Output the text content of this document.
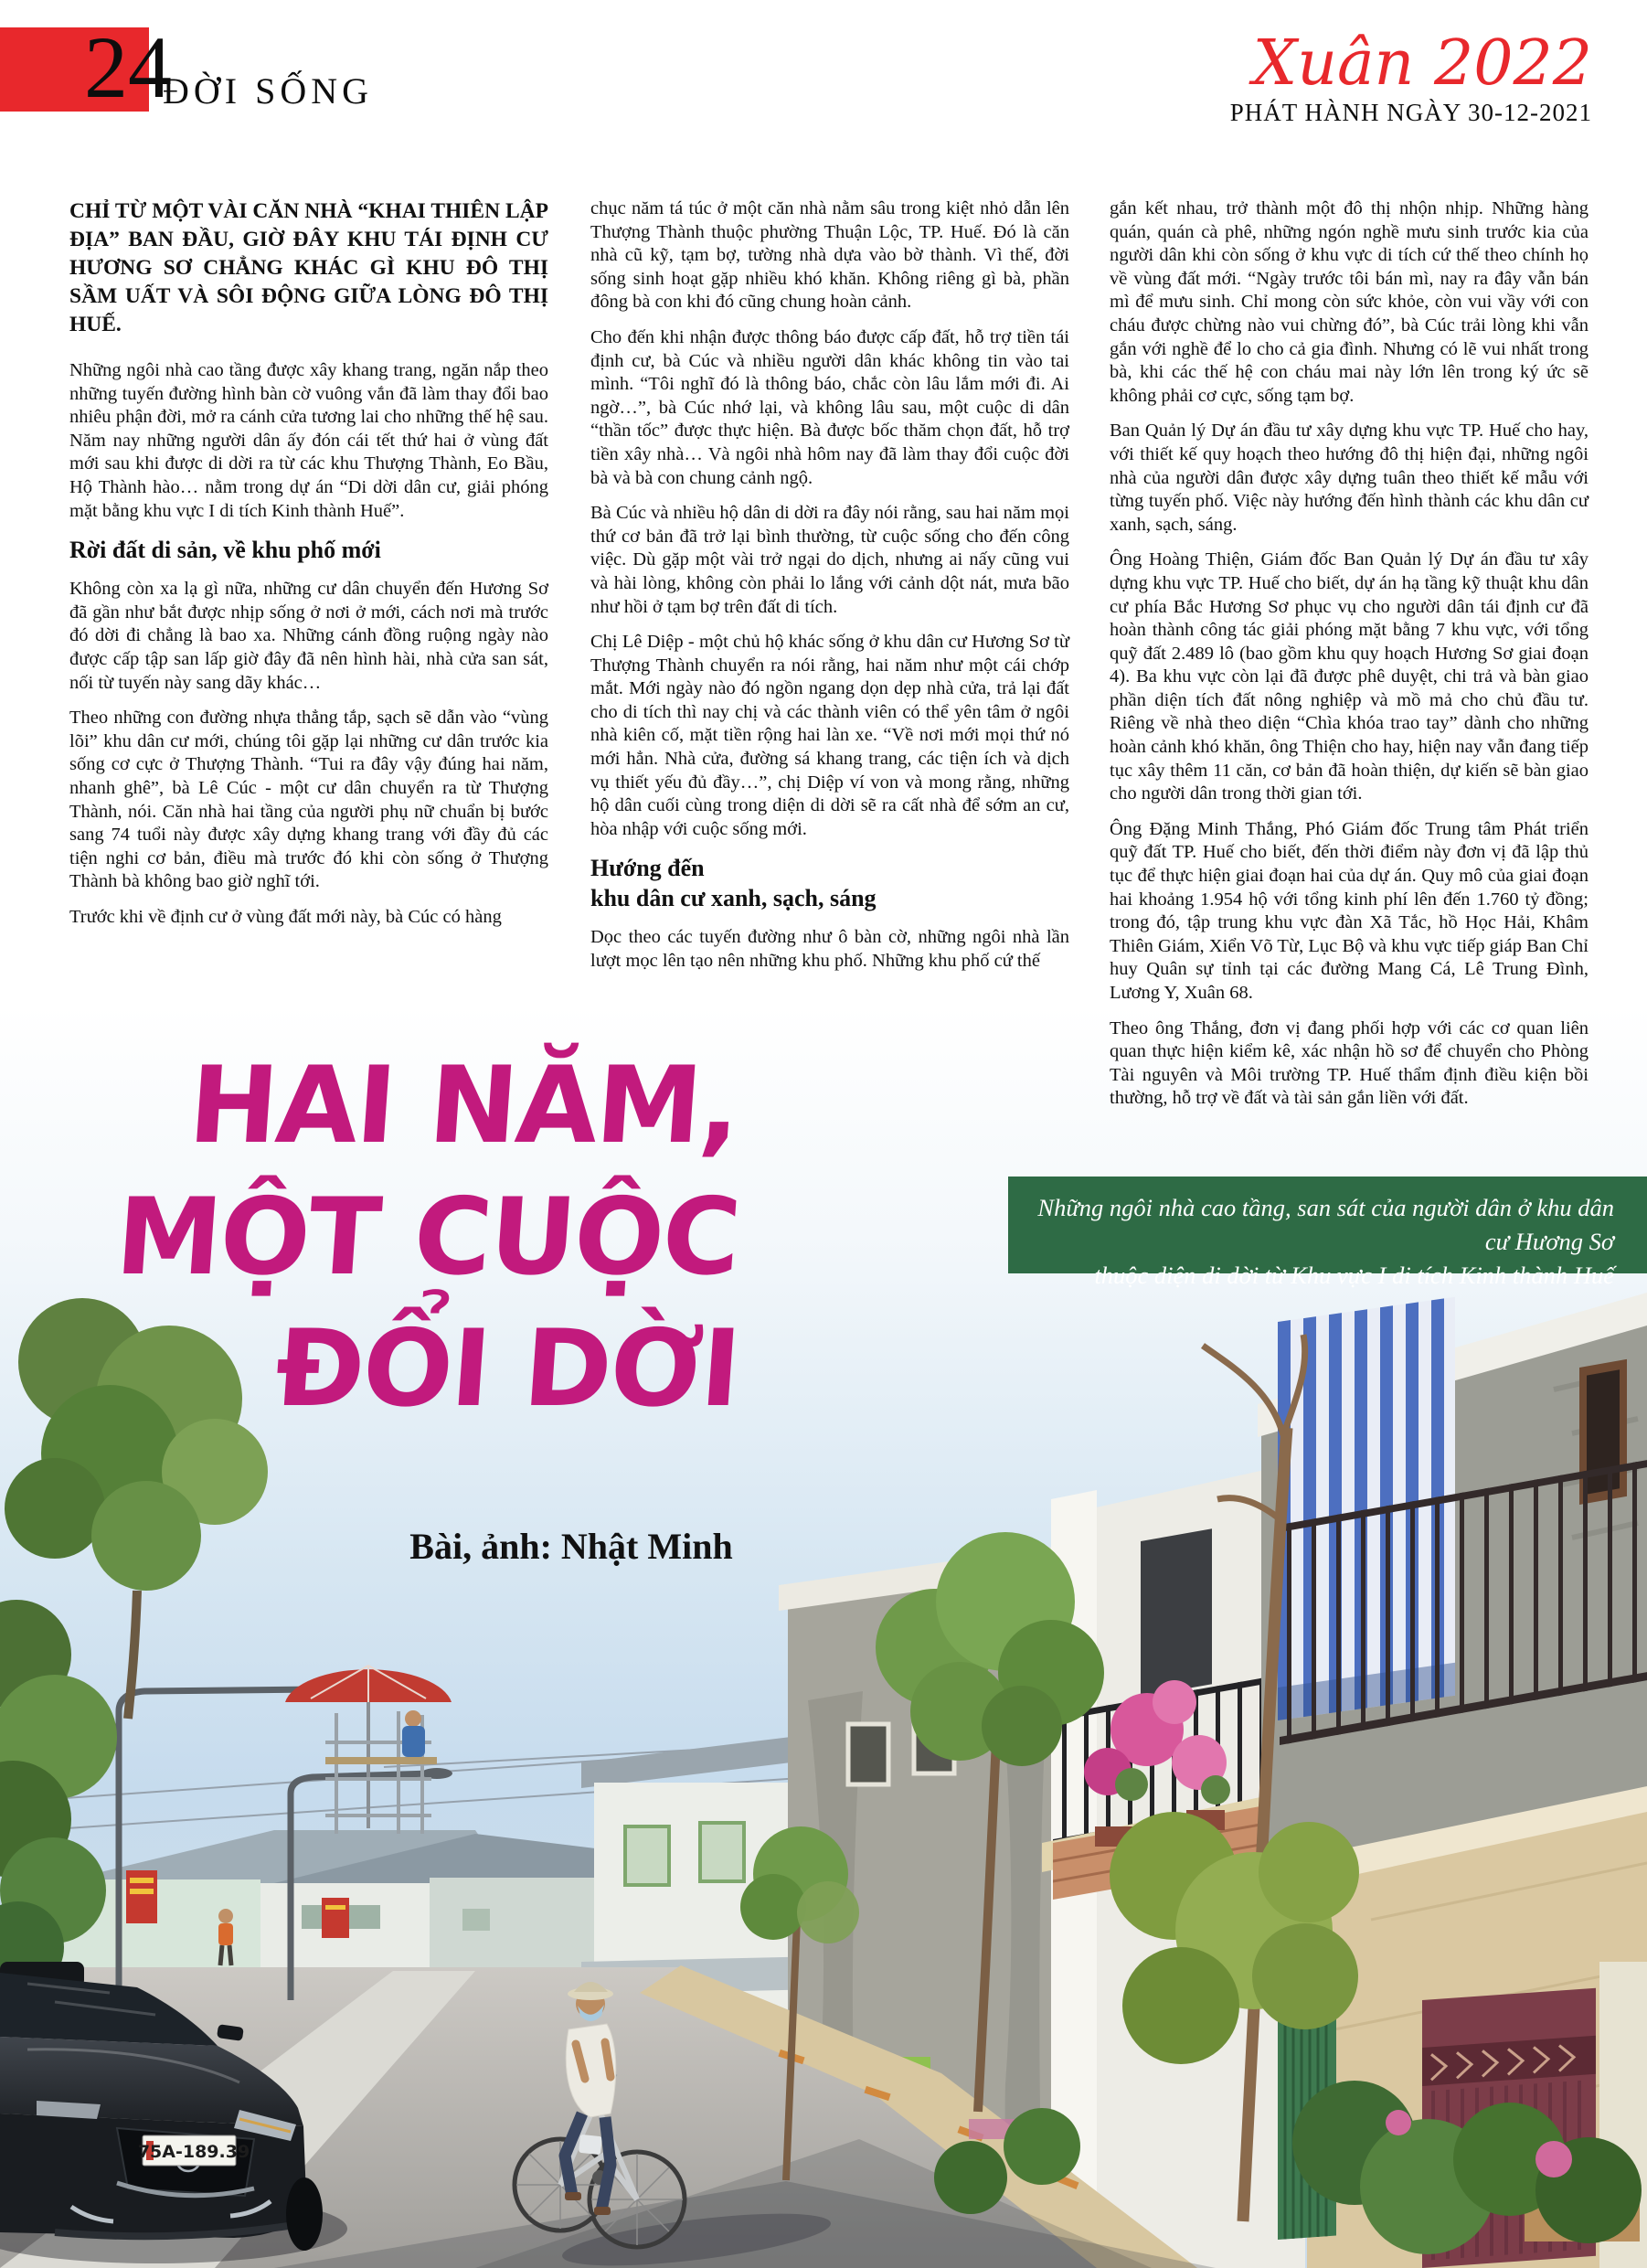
24
ĐỜI SỐNG	Xuân 2022
PHÁT HÀNH NGÀY 30-12-2021

CHỈ TỪ MỘT VÀI CĂN NHÀ “KHAI THIÊN LẬP ĐỊA” BAN ĐẦU, GIỜ ĐÂY KHU TÁI ĐỊNH CƯ HƯƠNG SƠ CHẲNG KHÁC GÌ KHU ĐÔ THỊ SẦM UẤT VÀ SÔI ĐỘNG GIỮA LÒNG ĐÔ THỊ HUẾ.

Những ngôi nhà cao tầng được xây khang trang, ngăn nắp theo những tuyến đường hình bàn cờ vuông vắn đã làm thay đổi bao nhiêu phận đời, mở ra cánh cửa tương lai cho những thế hệ sau. Năm nay những người dân ấy đón cái tết thứ hai ở vùng đất mới sau khi được di dời ra từ các khu Thượng Thành, Eo Bầu, Hộ Thành hào… nằm trong dự án “Di dời dân cư, giải phóng mặt bằng khu vực I di tích Kinh thành Huế”.

Rời đất di sản, về khu phố mới

Không còn xa lạ gì nữa, những cư dân chuyển đến Hương Sơ đã gần như bắt được nhịp sống ở nơi ở mới, cách nơi mà trước đó dời đi chẳng là bao xa. Những cánh đồng ruộng ngày nào được cấp tập san lấp giờ đây đã nên hình hài, nhà cửa san sát, nối từ tuyến này sang dãy khác…

Theo những con đường nhựa thẳng tắp, sạch sẽ dẫn vào “vùng lõi” khu dân cư mới, chúng tôi gặp lại những cư dân trước kia sống cơ cực ở Thượng Thành. “Tui ra đây vậy đúng hai năm, nhanh ghê”, bà Lê Cúc - một cư dân chuyển ra từ Thượng Thành, nói. Căn nhà hai tầng của người phụ nữ chuẩn bị bước sang 74 tuổi này được xây dựng khang trang với đầy đủ các tiện nghi cơ bản, điều mà trước đó khi còn sống ở Thượng Thành bà không bao giờ nghĩ tới.

Trước khi về định cư ở vùng đất mới này, bà Cúc có hàng

chục năm tá túc ở một căn nhà nằm sâu trong kiệt nhỏ dẫn lên Thượng Thành thuộc phường Thuận Lộc, TP. Huế. Đó là căn nhà cũ kỹ, tạm bợ, tường nhà dựa vào bờ thành. Vì thế, đời sống sinh hoạt gặp nhiều khó khăn. Không riêng gì bà, phần đông bà con khi đó cũng chung hoàn cảnh.

Cho đến khi nhận được thông báo được cấp đất, hỗ trợ tiền tái định cư, bà Cúc và nhiều người dân khác không tin vào tai mình. “Tôi nghĩ đó là thông báo, chắc còn lâu lắm mới đi. Ai ngờ…”, bà Cúc nhớ lại, và không lâu sau, một cuộc di dân “thần tốc” được thực hiện. Bà được bốc thăm chọn đất, hỗ trợ tiền xây nhà… Và ngôi nhà hôm nay đã làm thay đổi cuộc đời bà và bà con chung cảnh ngộ.

Bà Cúc và nhiều hộ dân di dời ra đây nói rằng, sau hai năm mọi thứ cơ bản đã trở lại bình thường, từ cuộc sống cho đến công việc. Dù gặp một vài trở ngại do dịch, nhưng ai nấy cũng vui và hài lòng, không còn phải lo lắng với cảnh dột nát, mưa bão như hồi ở tạm bợ trên đất di tích.

Chị Lê Diệp - một chủ hộ khác sống ở khu dân cư Hương Sơ từ Thượng Thành chuyển ra nói rằng, hai năm như một cái chớp mắt. Mới ngày nào đó ngồn ngang dọn dẹp nhà cửa, trả lại đất cho di tích thì nay chị và các thành viên có thể yên tâm ở ngôi nhà kiên cố, mặt tiền rộng hai làn xe. “Về nơi mới mọi thứ nó mới hẳn. Nhà cửa, đường sá khang trang, các tiện ích và dịch vụ thiết yếu đủ đầy…”, chị Diệp ví von và mong rằng, những hộ dân cuối cùng trong diện di dời sẽ ra cất nhà để sớm an cư, hòa nhập với cuộc sống mới.

Hướng đến
khu dân cư xanh, sạch, sáng

Dọc theo các tuyến đường như ô bàn cờ, những ngôi nhà lần lượt mọc lên tạo nên những khu phố. Những khu phố cứ thế

gắn kết nhau, trở thành một đô thị nhộn nhịp. Những hàng quán, quán cà phê, những ngón nghề mưu sinh trước kia của người dân khi còn sống ở khu vực di tích cứ thế theo chính họ về vùng đất mới. “Ngày trước tôi bán mì, nay ra đây vẫn bán mì để mưu sinh. Chỉ mong còn sức khỏe, còn vui vầy với con cháu được chừng nào vui chừng đó”, bà Cúc trải lòng khi vẫn gắn với nghề để lo cho cả gia đình. Nhưng có lẽ vui nhất trong bà, khi các thế hệ con cháu mai này lớn lên trong ký ức sẽ không phải cơ cực, sống tạm bợ.

Ban Quản lý Dự án đầu tư xây dựng khu vực TP. Huế cho hay, với thiết kế quy hoạch theo hướng đô thị hiện đại, những ngôi nhà của người dân được xây dựng tuân theo thiết kế mẫu với từng tuyến phố. Việc này hướng đến hình thành các khu dân cư xanh, sạch, sáng.

Ông Hoàng Thiện, Giám đốc Ban Quản lý Dự án đầu tư xây dựng khu vực TP. Huế cho biết, dự án hạ tầng kỹ thuật khu dân cư phía Bắc Hương Sơ phục vụ cho người dân tái định cư đã hoàn thành công tác giải phóng mặt bằng 7 khu vực, với tổng quỹ đất 2.489 lô (bao gồm khu quy hoạch Hương Sơ giai đoạn 4). Ba khu vực còn lại đã được phê duyệt, chi trả và bàn giao phần diện tích đất nông nghiệp và mồ mả cho chủ đầu tư. Riêng về nhà theo diện “Chìa khóa trao tay” dành cho những hoàn cảnh khó khăn, ông Thiện cho hay, hiện nay vẫn đang tiếp tục xây thêm 11 căn, cơ bản đã hoàn thiện, dự kiến sẽ bàn giao cho người dân trong thời gian tới.

Ông Đặng Minh Thắng, Phó Giám đốc Trung tâm Phát triển quỹ đất TP. Huế cho biết, đến thời điểm này đơn vị đã lập thủ tục để thực hiện giai đoạn hai của dự án. Quy mô của giai đoạn hai khoảng 1.954 hộ với tổng kinh phí lên đến 1.760 tỷ đồng; trong đó, tập trung khu vực đàn Xã Tắc, hồ Học Hải, Khâm Thiên Giám, Xiển Võ Từ, Lục Bộ và khu vực tiếp giáp Ban Chỉ huy Quân sự tỉnh tại các đường Mang Cá, Lê Trung Đình, Lương Y, Xuân 68.

Theo ông Thắng, đơn vị đang phối hợp với các cơ quan liên quan thực hiện kiểm kê, xác nhận hồ sơ để chuyển cho Phòng Tài nguyên và Môi trường TP. Huế thẩm định điều kiện bồi thường, hỗ trợ về đất và tài sản gắn liền với đất.

75A-189.39
HAI NĂM,
MỘT CUỘC
ĐỔI DỜI
Bài, ảnh: Nhật Minh
Những ngôi nhà cao tầng, san sát của người dân ở khu dân cư Hương Sơ
thuộc diện di dời từ Khu vực I di tích Kinh thành Huế
